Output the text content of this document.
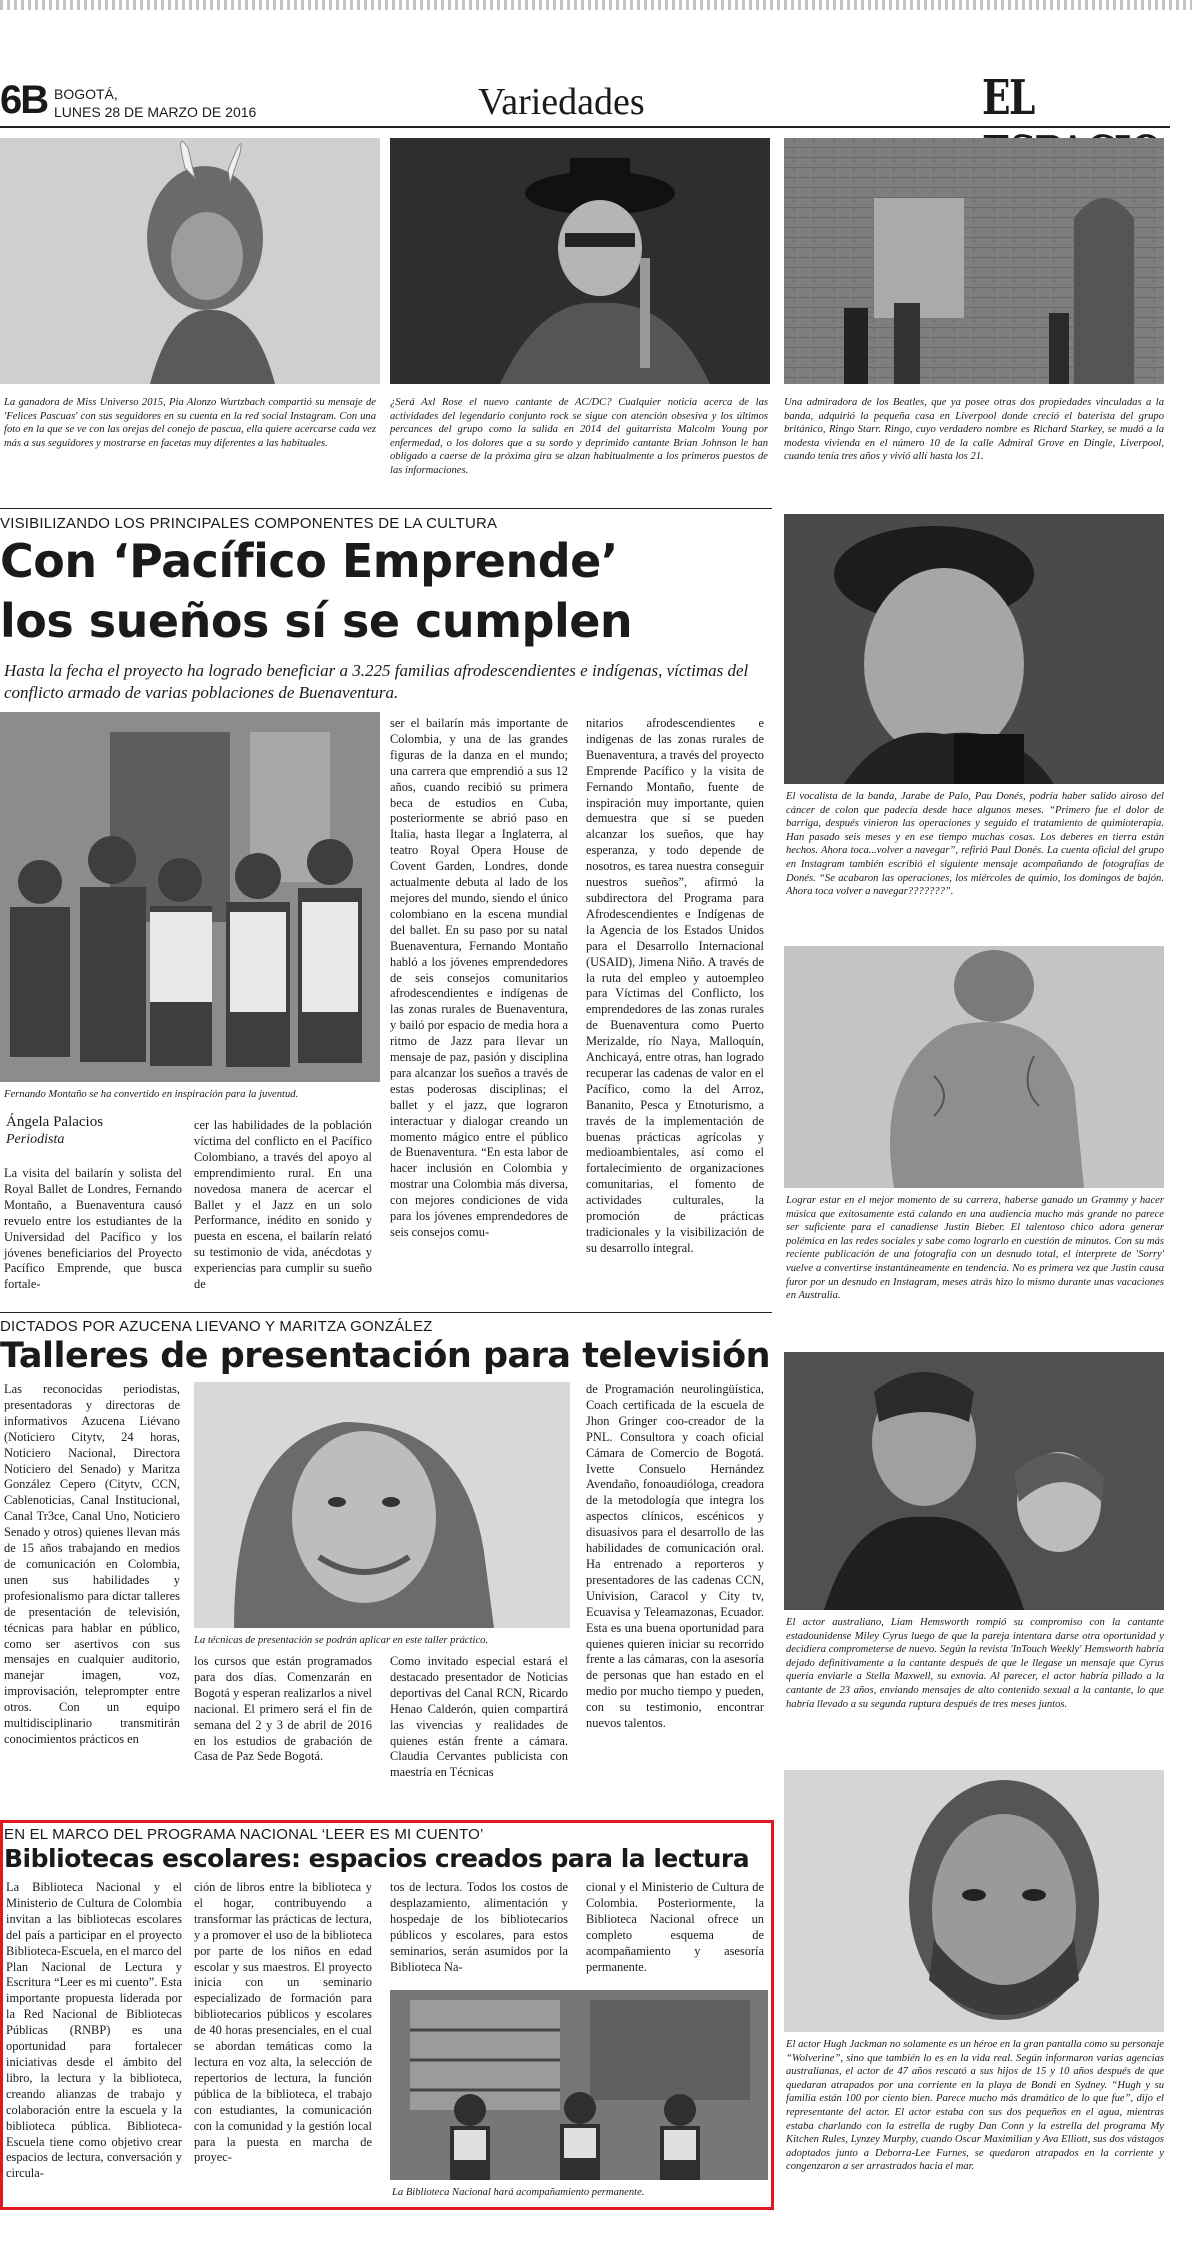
6B BOGOTÁ,
LUNES 28 DE MARZO DE 2016	Variedades	EL
La ganadora de Miss Universo 2015, Pia Alonzo Wurtzbach compartió su mensaje de 'Felices Pascuas' con sus seguidores en su cuenta en la red social Instagram. Con una foto en la que se ve con las orejas del conejo de pascua, ella quiere acercarse cada vez más a sus seguidores y mostrarse en facetas muy diferentes a las habituales.
¿Será Axl Rose el nuevo cantante de AC/DC? Cualquier noticia acerca de las actividades del legendario conjunto rock se sigue con atención obsesiva y los últimos percances del grupo como la salida en 2014 del guitarrista Malcolm Young por enfermedad, o los dolores que a su sordo y deprimido cantante Brian Johnson le han obligado a caerse de la próxima gira se alzan habitualmente a los primeros puestos de las informaciones.
Una admiradora de los Beatles, que ya posee otras dos propiedades vinculadas a la banda, adquirió la pequeña casa en Liverpool donde creció el baterista del grupo británico, Ringo Starr. Ringo, cuyo verdadero nombre es Richard Starkey, se mudó a la modesta vivienda en el número 10 de la calle Admiral Grove en Dingle, Liverpool, cuando tenía tres años y vivió allí hasta los 21.
VISIBILIZANDO LOS PRINCIPALES COMPONENTES DE LA CULTURA
Con ‘Pacífico Emprende’
los sueños sí se cumplen
Hasta la fecha el proyecto ha logrado beneficiar a 3.225 familias afrodescendientes e indígenas, víctimas del conflicto armado de varias poblaciones de Buenaventura.
Fernando Montaño se ha convertido en inspiración para la juventud.
Ángela Palacios
Periodista
La visita del bailarín y solista del Royal Ballet de Londres, Fernando Montaño, a Buenaventura causó revuelo entre los estudiantes de la Universidad del Pacífico y los jóvenes beneficiarios del Proyecto Pacífico Emprende, que busca fortale-
cer las habilidades de la población víctima del conflicto en el Pacífico Colombiano, a través del apoyo al emprendimiento rural. En una novedosa manera de acercar el Ballet y el Jazz en un solo Performance, inédito en sonido y puesta en escena, el bailarín relató su testimonio de vida, anécdotas y experiencias para cumplir su sueño de
ser el bailarín más importante de Colombia, y una de las grandes figuras de la danza en el mundo; una carrera que emprendió a sus 12 años, cuando recibió su primera beca de estudios en Cuba, posteriormente se abrió paso en Italia, hasta llegar a Inglaterra, al teatro Royal Opera House de Covent Garden, Londres, donde actualmente debuta al lado de los mejores del mundo, siendo el único colombiano en la escena mundial del ballet. En su paso por su natal Buenaventura, Fernando Montaño habló a los jóvenes emprendedores de seis consejos comunitarios afrodescendientes e indígenas de las zonas rurales de Buenaventura, y bailó por espacio de media hora a ritmo de Jazz para llevar un mensaje de paz, pasión y disciplina para alcanzar los sueños a través de estas poderosas disciplinas; el ballet y el jazz, que lograron interactuar y dialogar creando un momento mágico entre el público de Buenaventura. “En esta labor de hacer inclusión en Colombia y mostrar una Colombia más diversa, con mejores condiciones de vida para los jóvenes emprendedores de seis consejos comu-
nitarios afrodescendientes e indígenas de las zonas rurales de Buenaventura, a través del proyecto Emprende Pacífico y la visita de Fernando Montaño, fuente de inspiración muy importante, quien demuestra que sí se pueden alcanzar los sueños, que hay esperanza, y todo depende de nosotros, es tarea nuestra conseguir nuestros sueños”, afirmó la subdirectora del Programa para Afrodescendientes e Indígenas de la Agencia de los Estados Unidos para el Desarrollo Internacional (USAID), Jimena Niño. A través de la ruta del empleo y autoempleo para Víctimas del Conflicto, los emprendedores de las zonas rurales de Buenaventura como Puerto Merizalde, río Naya, Malloquín, Anchicayá, entre otras, han logrado recuperar las cadenas de valor en el Pacífico, como la del Arroz, Bananito, Pesca y Etnoturismo, a través de la implementación de buenas prácticas agrícolas y medioambientales, así como el fortalecimiento de organizaciones comunitarias, el fomento de actividades culturales, la promoción de prácticas tradicionales y la visibilización de su desarrollo integral.
DICTADOS POR AZUCENA LIEVANO Y MARITZA GONZÁLEZ
Talleres de presentación para televisión
La técnicas de presentación se podrán aplicar en este taller práctico.
Las reconocidas periodistas, presentadoras y directoras de informativos Azucena Liévano (Noticiero Citytv, 24 horas, Noticiero Nacional, Directora Noticiero del Senado) y Maritza González Cepero (Citytv, CCN, Cablenoticias, Canal Institucional, Canal Tr3ce, Canal Uno, Noticiero Senado y otros) quienes llevan más de 15 años trabajando en medios de comunicación en Colombia, unen sus habilidades y profesionalismo para dictar talleres de presentación de televisión, técnicas para hablar en público, como ser asertivos con sus mensajes en cualquier auditorio, manejar imagen, voz, improvisación, teleprompter entre otros. Con un equipo multidisciplinario transmitirán conocimientos prácticos en
los cursos que están programados para dos días. Comenzarán en Bogotá y esperan realizarlos a nivel nacional. El primero será el fin de semana del 2 y 3 de abril de 2016 en los estudios de grabación de Casa de Paz Sede Bogotá.
Como invitado especial estará el destacado presentador de Noticias deportivas del Canal RCN, Ricardo Henao Calderón, quien compartirá las vivencias y realidades de quienes están frente a cámara. Claudia Cervantes publicista con maestría en Técnicas
de Programación neurolingüística, Coach certificada de la escuela de Jhon Gringer coo-creador de la PNL. Consultora y coach oficial Cámara de Comercio de Bogotá. Ivette Consuelo Hernández Avendaño, fonoaudióloga, creadora de la metodología que integra los aspectos clínicos, escénicos y disuasivos para el desarrollo de las habilidades de comunicación oral. Ha entrenado a reporteros y presentadores de las cadenas CCN, Univision, Caracol y City tv, Ecuavisa y Teleamazonas, Ecuador. Esta es una buena oportunidad para quienes quieren iniciar su recorrido frente a las cámaras, con la asesoría de personas que han estado en el medio por mucho tiempo y pueden, con su testimonio, encontrar nuevos talentos.
EN EL MARCO DEL PROGRAMA NACIONAL ‘LEER ES MI CUENTO’
Bibliotecas escolares: espacios creados para la lectura
La Biblioteca Nacional y el Ministerio de Cultura de Colombia invitan a las bibliotecas escolares del país a participar en el proyecto Biblioteca-Escuela, en el marco del Plan Nacional de Lectura y Escritura “Leer es mi cuento”. Esta importante propuesta liderada por la Red Nacional de Bibliotecas Públicas (RNBP) es una oportunidad para fortalecer iniciativas desde el ámbito del libro, la lectura y la biblioteca, creando alianzas de trabajo y colaboración entre la escuela y la biblioteca pública. Biblioteca-Escuela tiene como objetivo crear espacios de lectura, conversación y circula-
ción de libros entre la biblioteca y el hogar, contribuyendo a transformar las prácticas de lectura, y a promover el uso de la biblioteca por parte de los niños en edad escolar y sus maestros. El proyecto inicia con un seminario especializado de formación para bibliotecarios públicos y escolares de 40 horas presenciales, en el cual se abordan temáticas como la lectura en voz alta, la selección de repertorios de lectura, la función pública de la biblioteca, el trabajo con estudiantes, la comunicación con la comunidad y la gestión local para la puesta en marcha de proyec-
tos de lectura. Todos los costos de desplazamiento, alimentación y hospedaje de los bibliotecarios públicos y escolares, para estos seminarios, serán asumidos por la Biblioteca Na-
cional y el Ministerio de Cultura de Colombia. Posteriormente, la Biblioteca Nacional ofrece un completo esquema de acompañamiento y asesoría permanente.
La Biblioteca Nacional hará acompañamiento permanente.
El vocalista de la banda, Jarabe de Palo, Pau Donés, podría haber salido airoso del cáncer de colon que padecía desde hace algunos meses. “Primero fue el dolor de barriga, después vinieron las operaciones y seguido el tratamiento de quimioterapia. Han pasado seis meses y en ese tiempo muchas cosas. Los deberes en tierra están hechos. Ahora toca...volver a navegar”, refirió Paul Donés. La cuenta oficial del grupo en Instagram también escribió el siguiente mensaje acompañando de fotografías de Donés. “Se acabaron las operaciones, los miércoles de quimio, los domingos de bajón. Ahora toca volver a navegar???????”.
Lograr estar en el mejor momento de su carrera, haberse ganado un Grammy y hacer música que exitosamente está calando en una audiencia mucho más grande no parece ser suficiente para el canadiense Justin Bieber. El talentoso chico adora generar polémica en las redes sociales y sabe como lograrlo en cuestión de minutos. Con su más reciente publicación de una fotografía con un desnudo total, el interprete de 'Sorry' vuelve a convertirse instantáneamente en tendencia. No es primera vez que Justin causa furor por un desnudo en Instagram, meses atrás hizo lo mismo durante unas vacaciones en Australia.
El actor australiano, Liam Hemsworth rompió su compromiso con la cantante estadounidense Miley Cyrus luego de que la pareja intentara darse otra oportunidad y decidiera comprometerse de nuevo. Según la revista 'InTouch Weekly' Hemsworth habría dejado definitivamente a la cantante después de que le llegase un mensaje que Cyrus quería enviarle a Stella Maxwell, su exnovia. Al parecer, el actor habría pillado a la cantante de 23 años, enviando mensajes de alto contenido sexual a la cantante, lo que habría llevado a su segunda ruptura después de tres meses juntos.
El actor Hugh Jackman no solamente es un héroe en la gran pantalla como su personaje “Wolverine”, sino que también lo es en la vida real. Según informaron varias agencias australianas, el actor de 47 años rescató a sus hijos de 15 y 10 años después de que quedaran atrapados por una corriente en la playa de Bondi en Sydney. “Hugh y su familia están 100 por ciento bien. Parece mucho más dramático de lo que fue”, dijo el representante del actor. El actor estaba con sus dos pequeños en el agua, mientras estaba charlando con la estrella de rugby Dan Conn y la estrella del programa My Kitchen Rules, Lynzey Murphy, cuando Oscar Maximilian y Ava Elliott, sus dos vástagos adoptados junto a Deborra-Lee Furnes, se quedaron atrapados en la corriente y congenzaron a ser arrastrados hacia el mar.
